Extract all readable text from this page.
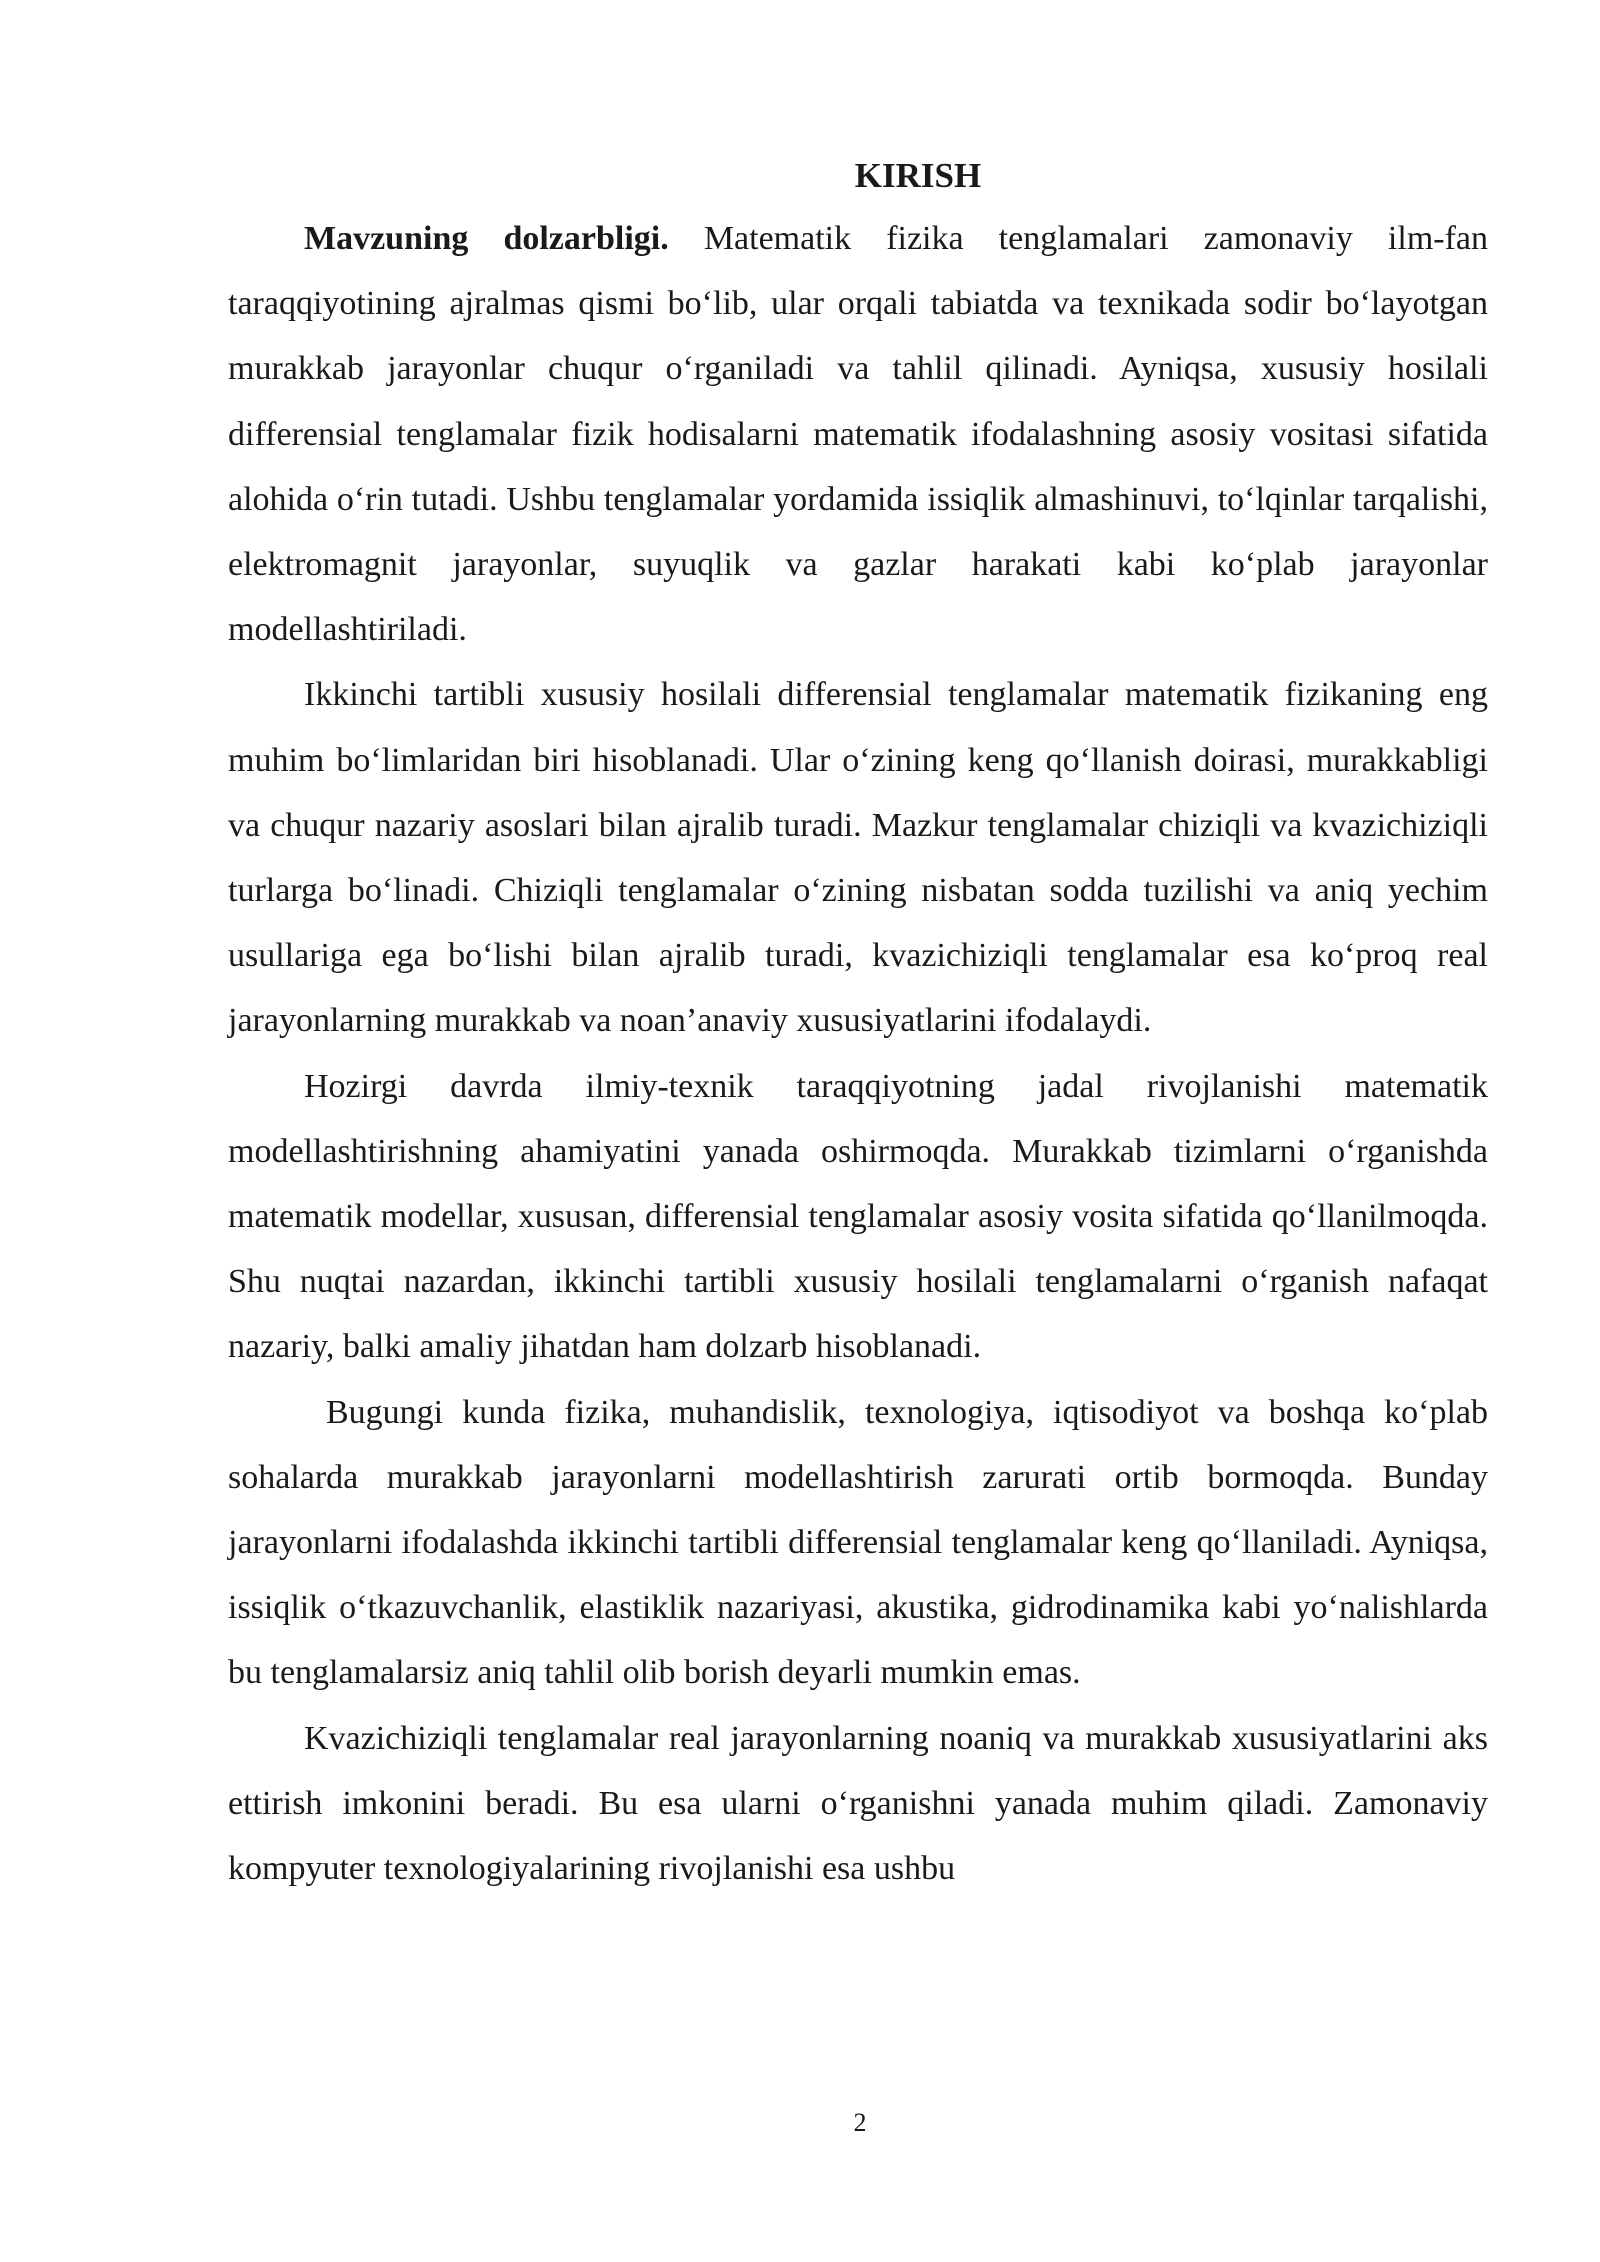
KIRISH

Mavzuning dolzarbligi. Matematik fizika tenglamalari zamonaviy ilm-fan taraqqiyotining ajralmas qismi bo‘lib, ular orqali tabiatda va texnikada sodir bo‘layotgan murakkab jarayonlar chuqur o‘rganiladi va tahlil qilinadi. Ayniqsa, xususiy hosilali differensial tenglamalar fizik hodisalarni matematik ifodalashning asosiy vositasi sifatida alohida o‘rin tutadi. Ushbu tenglamalar yordamida issiqlik almashinuvi, to‘lqinlar tarqalishi, elektromagnit jarayonlar, suyuqlik va gazlar harakati kabi ko‘plab jarayonlar modellashtiriladi.

Ikkinchi tartibli xususiy hosilali differensial tenglamalar matematik fizikaning eng muhim bo‘limlaridan biri hisoblanadi. Ular o‘zining keng qo‘llanish doirasi, murakkabligi va chuqur nazariy asoslari bilan ajralib turadi. Mazkur tenglamalar chiziqli va kvazichiziqli turlarga bo‘linadi. Chiziqli tenglamalar o‘zining nisbatan sodda tuzilishi va aniq yechim usullariga ega bo‘lishi bilan ajralib turadi, kvazichiziqli tenglamalar esa ko‘proq real jarayonlarning murakkab va noan’anaviy xususiyatlarini ifodalaydi.

Hozirgi davrda ilmiy-texnik taraqqiyotning jadal rivojlanishi matematik modellashtirishning ahamiyatini yanada oshirmoqda. Murakkab tizimlarni o‘rganishda matematik modellar, xususan, differensial tenglamalar asosiy vosita sifatida qo‘llanilmoqda. Shu nuqtai nazardan, ikkinchi tartibli xususiy hosilali tenglamalarni o‘rganish nafaqat nazariy, balki amaliy jihatdan ham dolzarb hisoblanadi.

Bugungi kunda fizika, muhandislik, texnologiya, iqtisodiyot va boshqa ko‘plab sohalarda murakkab jarayonlarni modellashtirish zarurati ortib bormoqda. Bunday jarayonlarni ifodalashda ikkinchi tartibli differensial tenglamalar keng qo‘llaniladi. Ayniqsa, issiqlik o‘tkazuvchanlik, elastiklik nazariyasi, akustika, gidrodinamika kabi yo‘nalishlarda bu tenglamalarsiz aniq tahlil olib borish deyarli mumkin emas.

Kvazichiziqli tenglamalar real jarayonlarning noaniq va murakkab xususiyatlarini aks ettirish imkonini beradi. Bu esa ularni o‘rganishni yanada muhim qiladi. Zamonaviy kompyuter texnologiyalarining rivojlanishi esa ushbu

2
